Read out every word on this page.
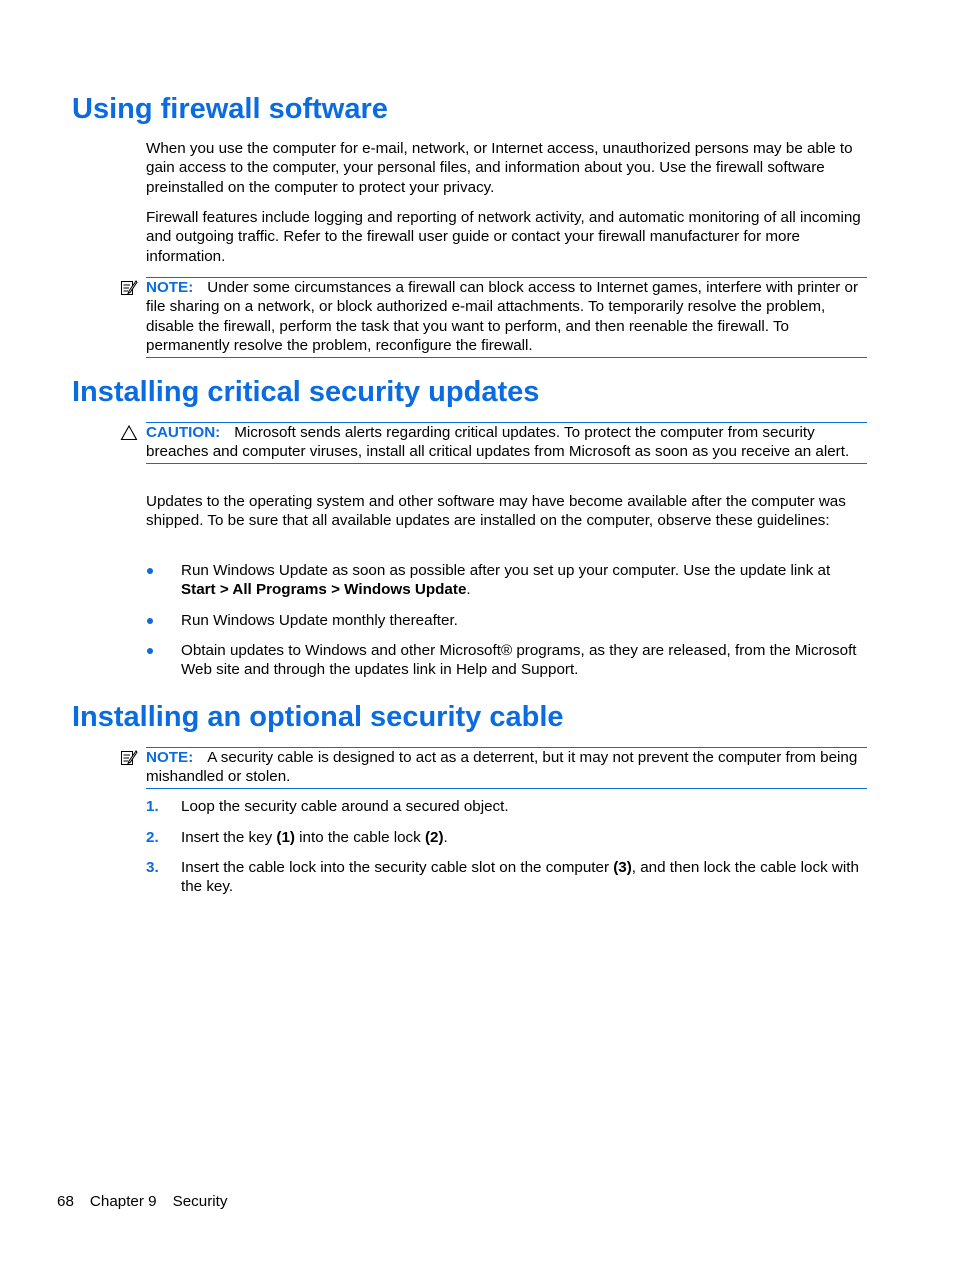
Using firewall software

When you use the computer for e-mail, network, or Internet access, unauthorized persons may be able to gain access to the computer, your personal files, and information about you. Use the firewall software preinstalled on the computer to protect your privacy.

Firewall features include logging and reporting of network activity, and automatic monitoring of all incoming and outgoing traffic. Refer to the firewall user guide or contact your firewall manufacturer for more information.

NOTE: Under some circumstances a firewall can block access to Internet games, interfere with printer or file sharing on a network, or block authorized e-mail attachments. To temporarily resolve the problem, disable the firewall, perform the task that you want to perform, and then reenable the firewall. To permanently resolve the problem, reconfigure the firewall.
Installing critical security updates
CAUTION: Microsoft sends alerts regarding critical updates. To protect the computer from security breaches and computer viruses, install all critical updates from Microsoft as soon as you receive an alert.

Updates to the operating system and other software may have become available after the computer was shipped. To be sure that all available updates are installed on the computer, observe these guidelines:

Run Windows Update as soon as possible after you set up your computer. Use the update link at Start > All Programs > Windows Update.
Run Windows Update monthly thereafter.
Obtain updates to Windows and other Microsoft® programs, as they are released, from the Microsoft Web site and through the updates link in Help and Support.
Installing an optional security cable
NOTE: A security cable is designed to act as a deterrent, but it may not prevent the computer from being mishandled or stolen.
1. Loop the security cable around a secured object.
2. Insert the key (1) into the cable lock (2).
3. Insert the cable lock into the security cable slot on the computer (3), and then lock the cable lock with the key.
68 Chapter 9 Security
